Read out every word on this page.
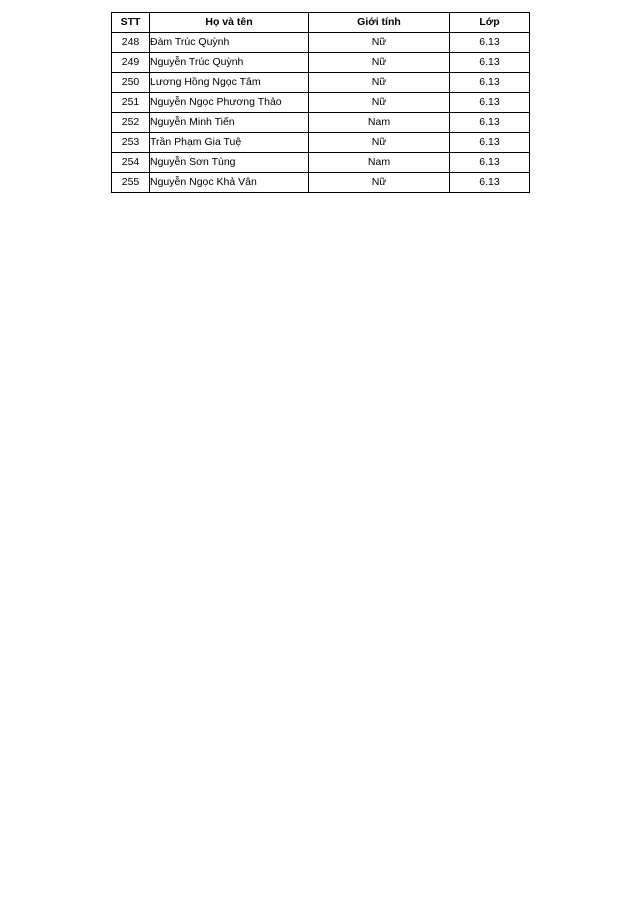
STT	Họ và tên	Giới tính	Lớp
248	Đàm Trúc Quỳnh	Nữ	6.13
249	Nguyễn Trúc Quỳnh	Nữ	6.13
250	Lương Hồng Ngọc Tâm	Nữ	6.13
251	Nguyễn Ngọc Phương Thảo	Nữ	6.13
252	Nguyễn Minh Tiến	Nam	6.13
253	Trần Phạm Gia Tuệ	Nữ	6.13
254	Nguyễn Sơn Tùng	Nam	6.13
255	Nguyễn Ngọc Khả Vân	Nữ	6.13
